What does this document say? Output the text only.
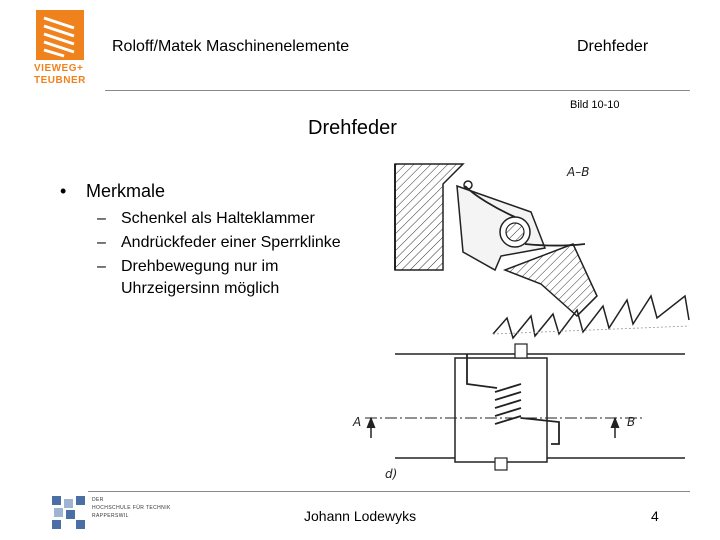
VIEWEG+
TEUBNER
Roloff/Matek Maschinenelemente	Drehfeder
Bild 10-10
Drehfeder
• Merkmale
– Schenkel als Halteklammer
– Andrückfeder einer Sperrklinke
– Drehbewegung nur im Uhrzeigersinn möglich
A–B
A	B
d)
DER
HOCHSCHULE FÜR TECHNIK
RAPPERSWIL	Johann Lodewyks	4
